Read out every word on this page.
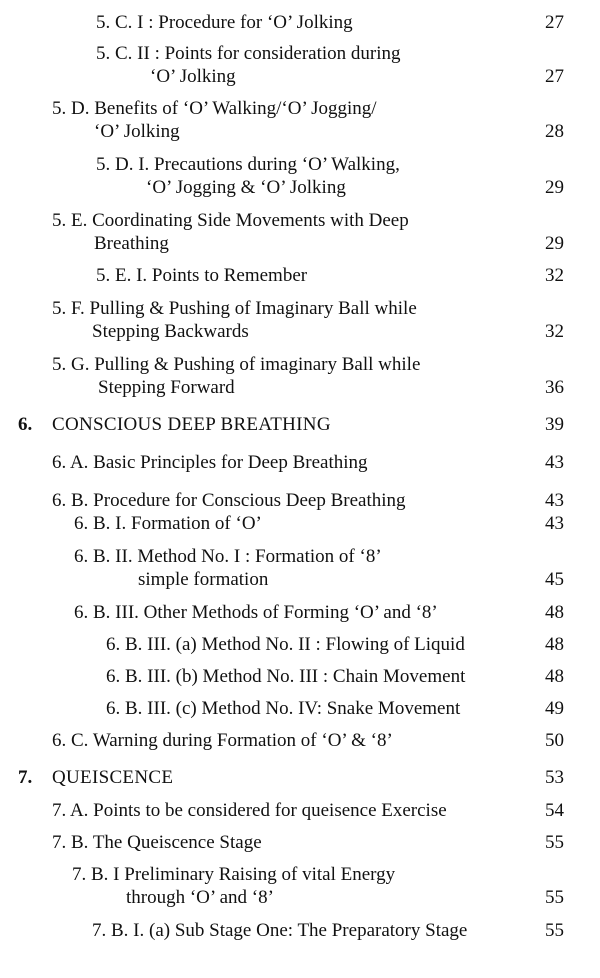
5. C. I : Procedure for ‘O’ Jolking	27
5. C. II : Points for consideration during
‘O’ Jolking	27
5. D. Benefits of ‘O’ Walking/‘O’ Jogging/
‘O’ Jolking	28
5. D. I. Precautions during ‘O’ Walking,
‘O’ Jogging & ‘O’ Jolking	29
5. E. Coordinating Side Movements with Deep
Breathing	29
5. E. I. Points to Remember	32
5. F. Pulling & Pushing of Imaginary Ball while
Stepping Backwards	32
5. G. Pulling & Pushing of imaginary Ball while
Stepping Forward	36
6. CONSCIOUS DEEP BREATHING	39
6. A. Basic Principles for Deep Breathing	43
6. B. Procedure for Conscious Deep Breathing	43
6. B. I. Formation of ‘O’	43
6. B. II. Method No. I : Formation of ‘8’
simple formation	45
6. B. III. Other Methods of Forming ‘O’ and ‘8’	48
6. B. III. (a) Method No. II : Flowing of Liquid	48
6. B. III. (b) Method No. III : Chain Movement	48
6. B. III. (c) Method No. IV: Snake Movement	49
6. C. Warning during Formation of ‘O’ & ‘8’	50
7. QUEISCENCE	53
7. A. Points to be considered for queisence Exercise	54
7. B. The Queiscence Stage	55
7. B. I Preliminary Raising of vital Energy
through ‘O’ and ‘8’	55
7. B. I. (a) Sub Stage One: The Preparatory Stage	55
